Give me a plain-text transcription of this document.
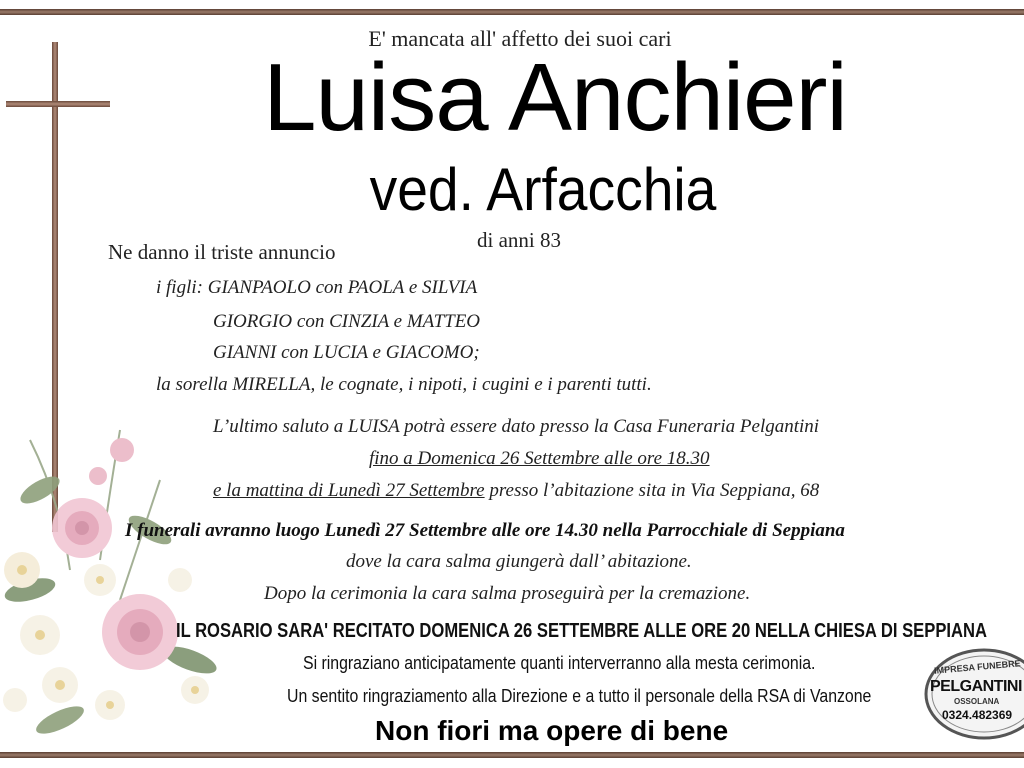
E' mancata all' affetto dei suoi cari
Luisa Anchieri
ved. Arfacchia
di anni 83
Ne danno il triste annuncio
i figli: GIANPAOLO con PAOLA e SILVIA
GIORGIO con CINZIA e MATTEO
GIANNI con LUCIA e GIACOMO;
la sorella MIRELLA, le cognate, i nipoti, i cugini e i parenti tutti.
L’ultimo saluto a LUISA potrà essere dato presso la Casa Funeraria Pelgantini
fino a Domenica 26 Settembre alle ore 18.30
e la mattina di Lunedì 27 Settembre presso l’abitazione sita in Via Seppiana, 68
I funerali avranno luogo Lunedì 27 Settembre alle ore 14.30 nella Parrocchiale di Seppiana
dove la cara salma giungerà dall’ abitazione.
Dopo la cerimonia la cara salma proseguirà per la cremazione.
IL ROSARIO SARA' RECITATO DOMENICA 26 SETTEMBRE ALLE ORE 20 NELLA CHIESA DI SEPPIANA
Si ringraziano anticipatamente quanti interverranno alla mesta cerimonia.
Un sentito ringraziamento alla Direzione e a tutto il personale della RSA di Vanzone
Non fiori ma opere di bene
IMPRESA FUNEBRE
PELGANTINI
OSSOLANA
0324.482369
